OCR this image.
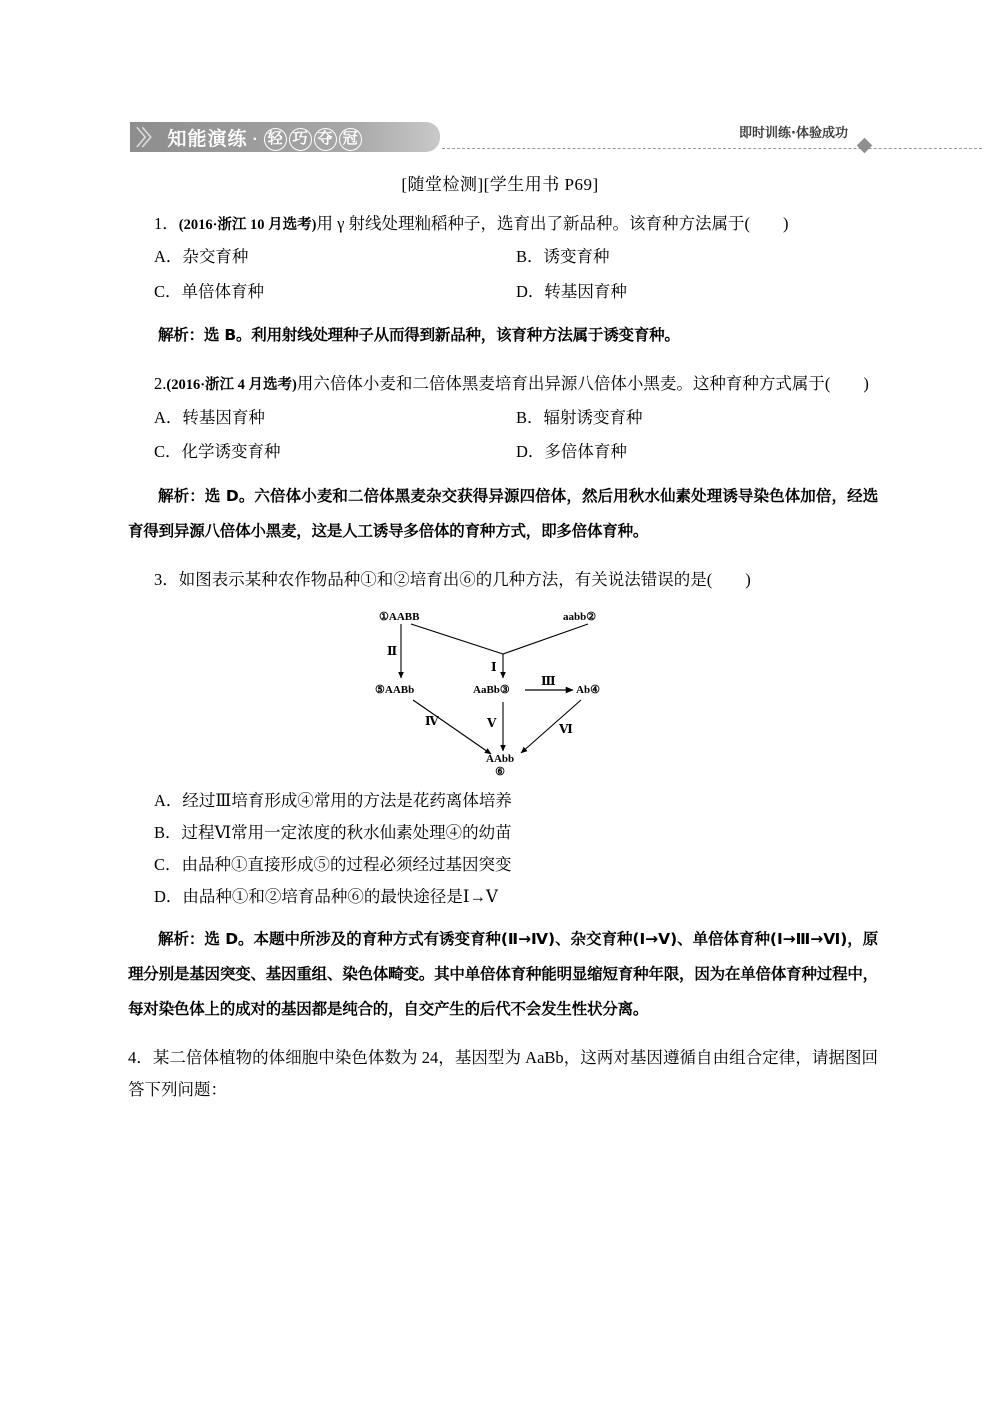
〉〉 知能演练 · 轻 巧 夺 冠	即时训练·体验成功
[随堂检测][学生用书 P69]
1．(2016·浙江 10 月选考)用 γ 射线处理籼稻种子，选育出了新品种。该育种方法属于(　　)
A．杂交育种	B．诱变育种
C．单倍体育种	D．转基因育种
解析：选 B。利用射线处理种子从而得到新品种，该育种方法属于诱变育种。
2.(2016·浙江 4 月选考)用六倍体小麦和二倍体黑麦培育出异源八倍体小黑麦。这种育种方式属于(　　)
A．转基因育种	B．辐射诱变育种
C．化学诱变育种	D．多倍体育种
解析：选 D。六倍体小麦和二倍体黑麦杂交获得异源四倍体，然后用秋水仙素处理诱导染色体加倍，经选育得到异源八倍体小黑麦，这是人工诱导多倍体的育种方式，即多倍体育种。
3．如图表示某种农作物品种①和②培育出⑥的几种方法，有关说法错误的是(　　)
①AABB	aabb②
⑤AABb	AaBb③	Ab④
AAbb
⑥
Ⅱ
Ⅰ
Ⅲ
Ⅳ	Ⅴ	Ⅵ
A．经过Ⅲ培育形成④常用的方法是花药离体培养
B．过程Ⅵ常用一定浓度的秋水仙素处理④的幼苗
C．由品种①直接形成⑤的过程必须经过基因突变
D．由品种①和②培育品种⑥的最快途径是Ⅰ→Ⅴ
解析：选 D。本题中所涉及的育种方式有诱变育种(Ⅱ→Ⅳ)、杂交育种(Ⅰ→Ⅴ)、单倍体育种(Ⅰ→Ⅲ→Ⅵ)，原理分别是基因突变、基因重组、染色体畸变。其中单倍体育种能明显缩短育种年限，因为在单倍体育种过程中，每对染色体上的成对的基因都是纯合的，自交产生的后代不会发生性状分离。
4．某二倍体植物的体细胞中染色体数为 24，基因型为 AaBb，这两对基因遵循自由组合定律，请据图回答下列问题：
